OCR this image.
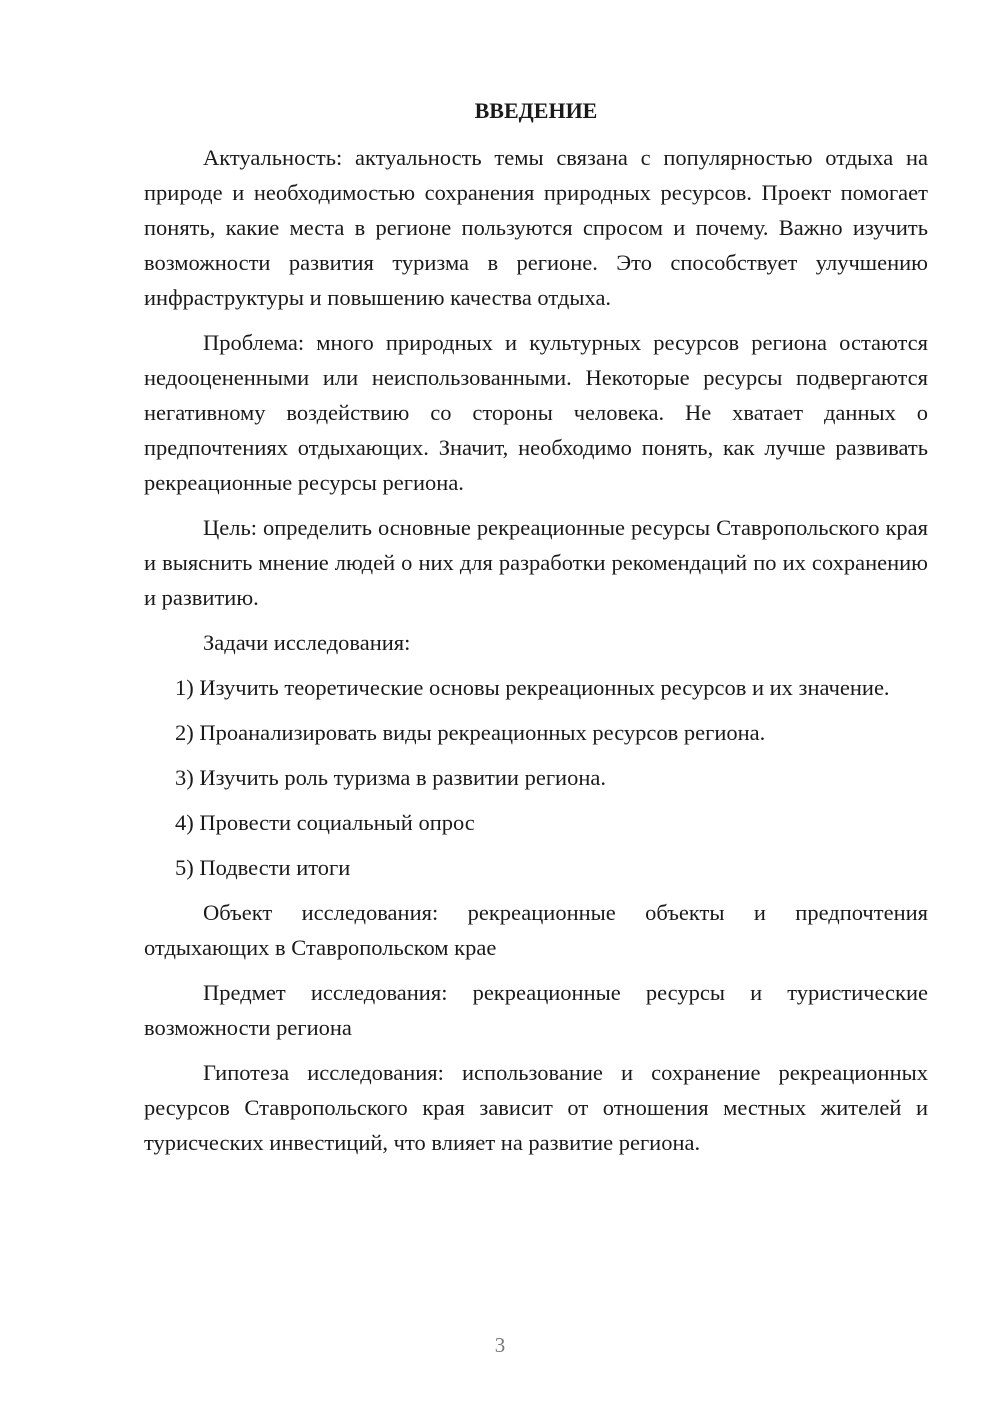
ВВЕДЕНИЕ

Актуальность: актуальность темы связана с популярностью отдыха на природе и необходимостью сохранения природных ресурсов. Проект помогает понять, какие места в регионе пользуются спросом и почему. Важно изучить возможности развития туризма в регионе. Это способствует улучшению инфраструктуры и повышению качества отдыха.

Проблема: много природных и культурных ресурсов региона остаются недооцененными или неиспользованными. Некоторые ресурсы подвергаются негативному воздействию со стороны человека. Не хватает данных о предпочтениях отдыхающих. Значит, необходимо понять, как лучше развивать рекреационные ресурсы региона.

Цель: определить основные рекреационные ресурсы Ставропольского края и выяснить мнение людей о них для разработки рекомендаций по их сохранению и развитию.

Задачи исследования:

1) Изучить теоретические основы рекреационных ресурсов и их значение.

2) Проанализировать виды рекреационных ресурсов региона.

3) Изучить роль туризма в развитии региона.

4) Провести социальный опрос

5) Подвести итоги

Объект исследования: рекреационные объекты и предпочтения отдыхающих в Ставропольском крае

Предмет исследования: рекреационные ресурсы и туристические возможности региона

Гипотеза исследования: использование и сохранение рекреационных ресурсов Ставропольского края зависит от отношения местных жителей и турисческих инвестиций, что влияет на развитие региона.

3
